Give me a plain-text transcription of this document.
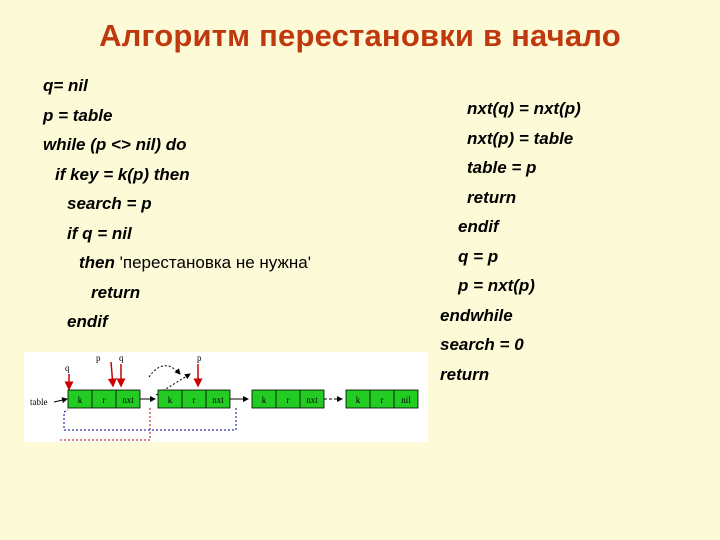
Алгоритм перестановки в начало
q= nil
p = table
while (p <> nil) do
if key = k(p) then
search = p
if q = nil
then 'перестановка не нужна'
return
endif
nxt(q) = nxt(p)
nxt(p) = table
table = p
return
endif
q = p
p = nxt(p)
endwhile
search = 0
return
table
q
p q	p
k r nxt	k r nxt	k r nxt	k r nil
